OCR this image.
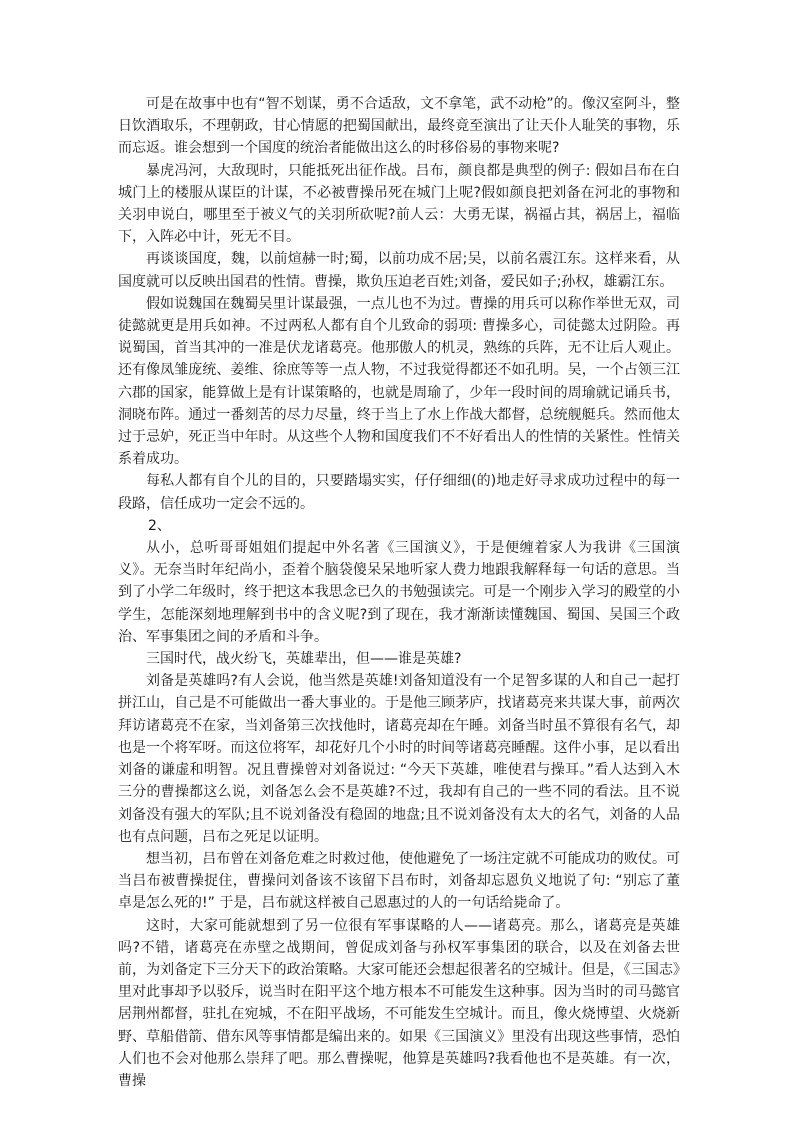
可是在故事中也有“智不划谋，勇不合适敌，文不拿笔，武不动枪”的。像汉室阿斗，整日饮酒取乐，不理朝政，甘心情愿的把蜀国献出，最终竟至演出了让天仆人耻笑的事物，乐而忘返。谁会想到一个国度的统治者能做出这么的时移俗易的事物来呢?

暴虎冯河，大敌现时，只能抵死出征作战。吕布，颜良都是典型的例子: 假如吕布在白城门上的楼服从谋臣的计谋，不必被曹操吊死在城门上呢?假如颜良把刘备在河北的事物和关羽申说白，哪里至于被义气的关羽所砍呢?前人云：大勇无谋，祸福占其，祸居上，福临下，入阵必中计，死无不目。

再谈谈国度，魏，以前煊赫一时;蜀，以前功成不居;吴，以前名震江东。这样来看，从国度就可以反映出国君的性情。曹操，欺负压迫老百姓;刘备，爱民如子;孙权，雄霸江东。

假如说魏国在魏蜀吴里计谋最强，一点儿也不为过。曹操的用兵可以称作举世无双，司徒懿就更是用兵如神。不过两私人都有自个儿致命的弱项: 曹操多心，司徒懿太过阴险。再说蜀国，首当其冲的一准是伏龙诸葛亮。他那傲人的机灵，熟练的兵阵，无不让后人观止。还有像凤雏庞统、姜维、徐庶等等一点人物，不过我觉得都还不如孔明。吴，一个占领三江六郡的国家，能算做上是有计谋策略的，也就是周瑜了，少年一段时间的周瑜就记诵兵书，洞晓布阵。通过一番刻苦的尽力尽量，终于当上了水上作战大都督，总统舰艇兵。然而他太过于忌妒，死正当中年时。从这些个人物和国度我们不不好看出人的性情的关紧性。性情关系着成功。

每私人都有自个儿的目的，只要踏塌实实，仔仔细细(的)地走好寻求成功过程中的每一段路，信任成功一定会不远的。

2、

从小，总听哥哥姐姐们提起中外名著《三国演义》，于是便缠着家人为我讲《三国演义》。无奈当时年纪尚小，歪着个脑袋傻呆呆地听家人费力地跟我解释每一句话的意思。当到了小学二年级时，终于把这本我思念已久的书勉强读完。可是一个刚步入学习的殿堂的小学生，怎能深刻地理解到书中的含义呢?到了现在，我才渐渐读懂魏国、蜀国、吴国三个政治、军事集团之间的矛盾和斗争。

三国时代，战火纷飞，英雄辈出，但——谁是英雄?

刘备是英雄吗?有人会说，他当然是英雄!刘备知道没有一个足智多谋的人和自己一起打拼江山，自己是不可能做出一番大事业的。于是他三顾茅庐，找诸葛亮来共谋大事，前两次拜访诸葛亮不在家，当刘备第三次找他时，诸葛亮却在午睡。刘备当时虽不算很有名气，却也是一个将军呀。而这位将军，却花好几个小时的时间等诸葛亮睡醒。这件小事，足以看出刘备的谦虚和明智。况且曹操曾对刘备说过: “今天下英雄，唯使君与操耳。”看人达到入木三分的曹操都这么说，刘备怎么会不是英雄?不过，我却有自己的一些不同的看法。且不说刘备没有强大的军队;且不说刘备没有稳固的地盘;且不说刘备没有太大的名气，刘备的人品也有点问题，吕布之死足以证明。

想当初，吕布曾在刘备危难之时救过他，使他避免了一场注定就不可能成功的败仗。可当吕布被曹操捉住，曹操问刘备该不该留下吕布时，刘备却忘恩负义地说了句: “别忘了董卓是怎么死的!” 于是，吕布就这样被自己恩惠过的人的一句话给毙命了。

这时，大家可能就想到了另一位很有军事谋略的人——诸葛亮。那么，诸葛亮是英雄吗?不错，诸葛亮在赤壁之战期间，曾促成刘备与孙权军事集团的联合，以及在刘备去世前，为刘备定下三分天下的政治策略。大家可能还会想起很著名的空城计。但是，《三国志》里对此事却予以驳斥，说当时在阳平这个地方根本不可能发生这种事。因为当时的司马懿官居荆州都督，驻扎在宛城，不在阳平战场，不可能发生空城计。而且，像火烧博望、火烧新野、草船借箭、借东风等事情都是编出来的。如果《三国演义》里没有出现这些事情，恐怕人们也不会对他那么崇拜了吧。那么曹操呢，他算是英雄吗?我看他也不是英雄。有一次，曹操
